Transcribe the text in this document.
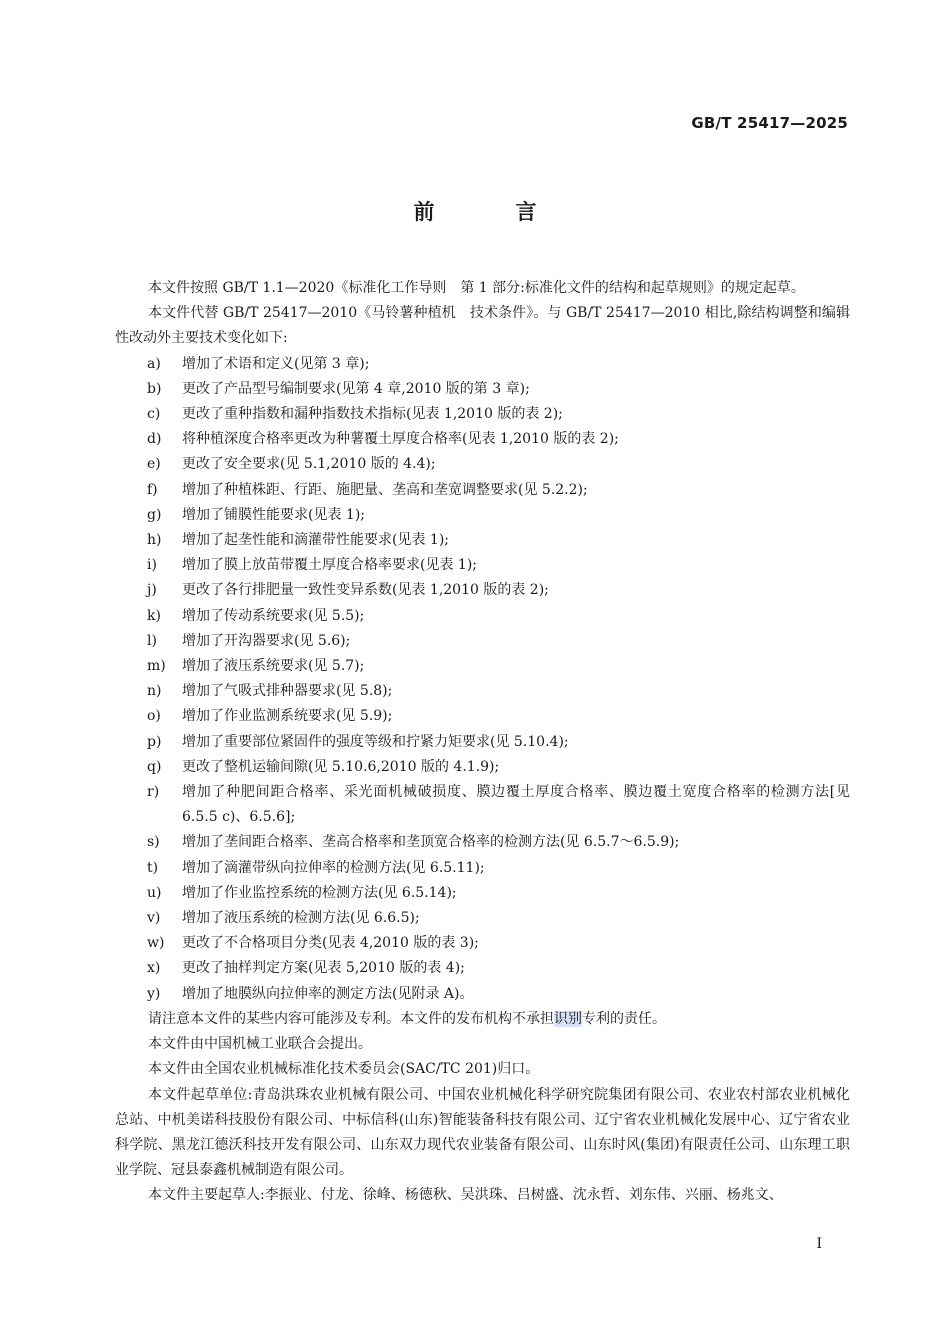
GB/T 25417—2025
前　言

本文件按照 GB/T 1.1—2020《标准化工作导则　第 1 部分:标准化文件的结构和起草规则》的规定起草。

本文件代替 GB/T 25417—2010《马铃薯种植机　技术条件》。与 GB/T 25417—2010 相比,除结构调整和编辑性改动外主要技术变化如下:

a) 增加了术语和定义(见第 3 章);
b) 更改了产品型号编制要求(见第 4 章,2010 版的第 3 章);
c) 更改了重种指数和漏种指数技术指标(见表 1,2010 版的表 2);
d) 将种植深度合格率更改为种薯覆土厚度合格率(见表 1,2010 版的表 2);
e) 更改了安全要求(见 5.1,2010 版的 4.4);
f) 增加了种植株距、行距、施肥量、垄高和垄宽调整要求(见 5.2.2);
g) 增加了铺膜性能要求(见表 1);
h) 增加了起垄性能和滴灌带性能要求(见表 1);
i) 增加了膜上放苗带覆土厚度合格率要求(见表 1);
j) 更改了各行排肥量一致性变异系数(见表 1,2010 版的表 2);
k) 增加了传动系统要求(见 5.5);
l) 增加了开沟器要求(见 5.6);
m) 增加了液压系统要求(见 5.7);
n) 增加了气吸式排种器要求(见 5.8);
o) 增加了作业监测系统要求(见 5.9);
p) 增加了重要部位紧固件的强度等级和拧紧力矩要求(见 5.10.4);
q) 更改了整机运输间隙(见 5.10.6,2010 版的 4.1.9);
r) 增加了种肥间距合格率、采光面机械破损度、膜边覆土厚度合格率、膜边覆土宽度合格率的检测方法[见 6.5.5 c)、6.5.6];
s) 增加了垄间距合格率、垄高合格率和垄顶宽合格率的检测方法(见 6.5.7～6.5.9);
t) 增加了滴灌带纵向拉伸率的检测方法(见 6.5.11);
u) 增加了作业监控系统的检测方法(见 6.5.14);
v) 增加了液压系统的检测方法(见 6.6.5);
w) 更改了不合格项目分类(见表 4,2010 版的表 3);
x) 更改了抽样判定方案(见表 5,2010 版的表 4);
y) 增加了地膜纵向拉伸率的测定方法(见附录 A)。

请注意本文件的某些内容可能涉及专利。本文件的发布机构不承担识别专利的责任。

本文件由中国机械工业联合会提出。

本文件由全国农业机械标准化技术委员会(SAC/TC 201)归口。

本文件起草单位:青岛洪珠农业机械有限公司、中国农业机械化科学研究院集团有限公司、农业农村部农业机械化总站、中机美诺科技股份有限公司、中标信科(山东)智能装备科技有限公司、辽宁省农业机械化发展中心、辽宁省农业科学院、黑龙江德沃科技开发有限公司、山东双力现代农业装备有限公司、山东时风(集团)有限责任公司、山东理工职业学院、冠县泰鑫机械制造有限公司。

本文件主要起草人:李振业、付龙、徐峰、杨德秋、吴洪珠、吕树盛、沈永哲、刘东伟、兴丽、杨兆文、

I
